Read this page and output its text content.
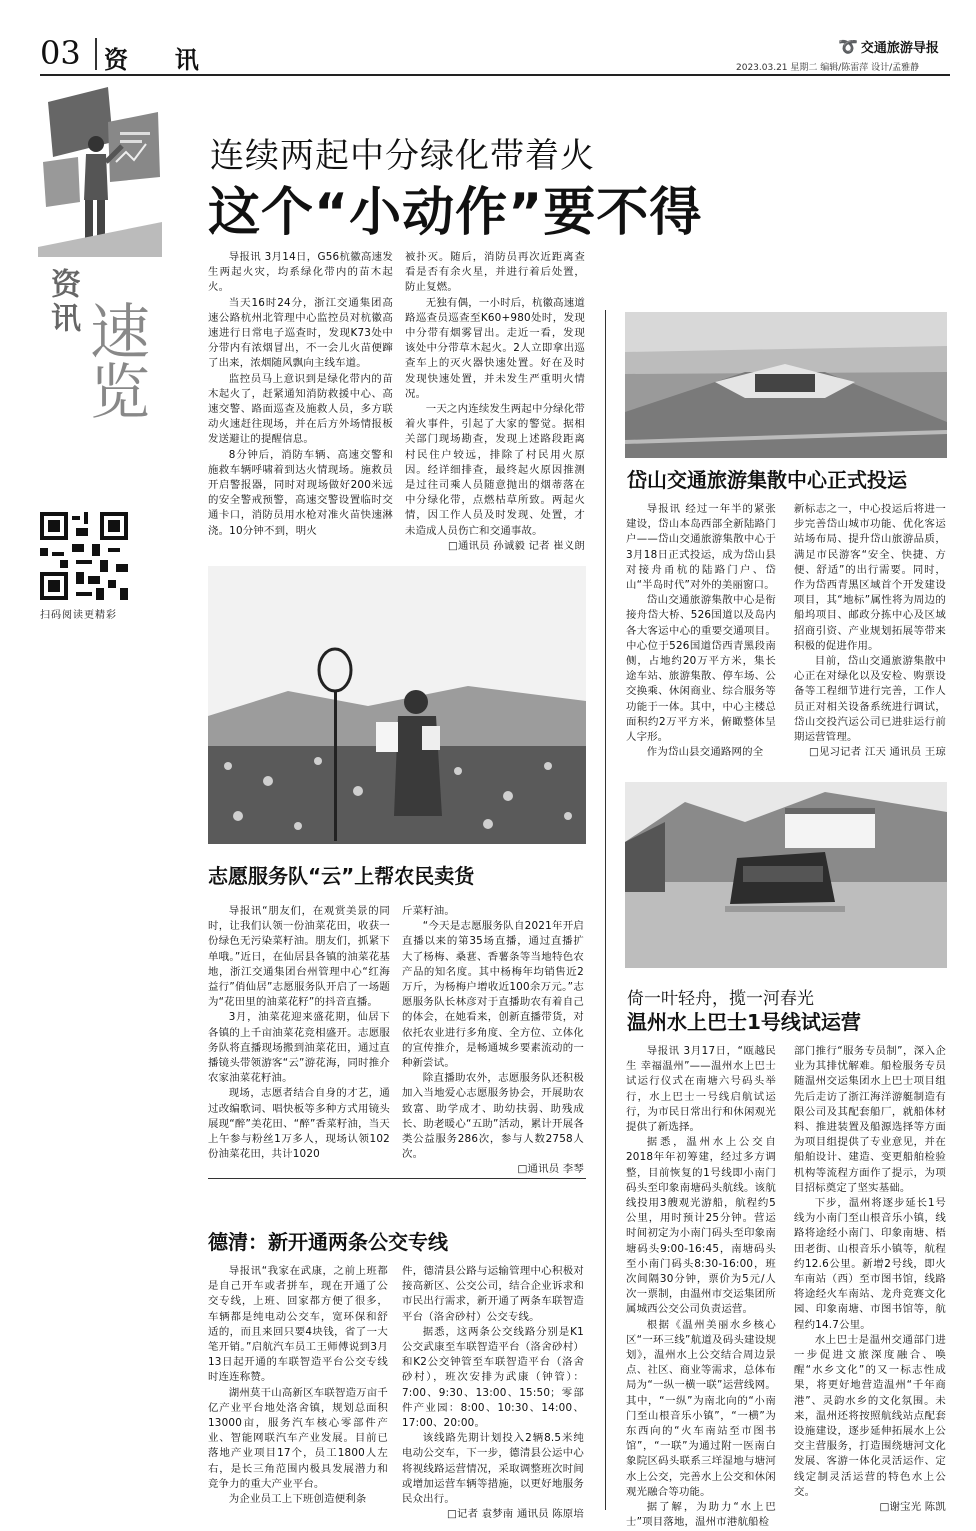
03 资  讯	➰ 交通旅游导报
2023.03.21 星期二 编辑/陈雷萍 设计/孟雅静
资讯 速览
扫码阅读更精彩
连续两起中分绿化带着火
这个“小动作”要不得

导报讯 3月14日，G56杭徽高速发生两起火灾，均系绿化带内的苗木起火。

当天16时24分，浙江交通集团高速公路杭州北管理中心监控员对杭徽高速进行日常电子巡查时，发现K73处中分带内有浓烟冒出，不一会儿火苗便蹿了出来，浓烟随风飘向主线车道。

监控员马上意识到是绿化带内的苗木起火了，赶紧通知消防救援中心、高速交警、路面巡查及施救人员，多方联动火速赶往现场，并在后方外场情报板发送避让的提醒信息。

8分钟后，消防车辆、高速交警和施救车辆呼啸着到达火情现场。施救员开启警报器，同时对现场做好200米远的安全警戒预警，高速交警设置临时交通卡口，消防员用水枪对准火苗快速淋浇。10分钟不到，明火

被扑灭。随后，消防员再次近距离查看是否有余火星，并进行着后处置，防止复燃。

无独有偶，一小时后，杭徽高速道路巡查员巡查至K60+980处时，发现中分带有烟雾冒出。走近一看，发现该处中分带草木起火。2人立即拿出巡查车上的灭火器快速处置。好在及时发现快速处置，并未发生严重明火情况。

一天之内连续发生两起中分绿化带着火事件，引起了大家的警觉。据相关部门现场勘查，发现上述路段距离村民住户较远，排除了村民用火原因。经详细排查，最终起火原因推测是过往司乘人员随意抛出的烟蒂落在中分绿化带，点燃枯草所致。两起火情，因工作人员及时发现、处置，才未造成人员伤亡和交通事故。

□通讯员 孙诚毅 记者 崔义朗
岱山交通旅游集散中心正式投运

导报讯 经过一年半的紧张建设，岱山本岛西部全新陆路门户——岱山交通旅游集散中心于3月18日正式投运，成为岱山县对接舟甬杭的陆路门户、岱山“半岛时代”对外的美丽窗口。

岱山交通旅游集散中心是衔接舟岱大桥、526国道以及岛内各大客运中心的重要交通项目。中心位于526国道岱西青黑段南侧，占地约20万平方米，集长途车站、旅游集散、停车场、公交换乘、休闲商业、综合服务等功能于一体。其中，中心主楼总面积约2万平方米，俯瞰整体呈人字形。

作为岱山县交通路网的全

新标志之一，中心投运后将进一步完善岱山城市功能、优化客运站场布局、提升岱山旅游品质，满足市民游客“安全、快捷、方便、舒适”的出行需要。同时，作为岱西青黑区域首个开发建设项目，其“地标”属性将为周边的船坞项目、邮政分拣中心及区域招商引资、产业规划拓展等带来积极的促进作用。

目前，岱山交通旅游集散中心正在对绿化以及安检、购票设备等工程细节进行完善，工作人员正对相关设备系统进行调试，岱山交投汽运公司已进驻运行前期运营管理。

□见习记者 江天 通讯员 王琼
志愿服务队“云”上帮农民卖货

导报讯“朋友们，在观赏美景的同时，让我们认领一份油菜花田，收获一份绿色无污染菜籽油。朋友们，抓紧下单哦。”近日，在仙居县各镇的油菜花基地，浙江交通集团台州管理中心“红海益行”俏仙居”志愿服务队开启了一场题为“花田里的油菜花籽”的抖音直播。

3月，油菜花迎来盛花期，仙居下各镇的上千亩油菜花竞相盛开。志愿服务队将直播现场搬到油菜花田，通过直播镜头带领游客“云”游花海，同时推介农家油菜花籽油。

现场，志愿者结合自身的才艺，通过改编歌词、唱快板等多种方式用镜头展现“醉”美花田、“醉”香菜籽油，当天上午参与粉丝1万多人，现场认领102份油菜花田，共计1020

斤菜籽油。

“今天是志愿服务队自2021年开启直播以来的第35场直播，通过直播扩大了杨梅、桑葚、香薯条等当地特色农产品的知名度。其中杨梅年均销售近2万斤，为杨梅户增收近100余万元。”志愿服务队长林彦对于直播助农有着自己的体会，在她看来，创新直播带货，对依托农业进行多角度、全方位、立体化的宣传推介，是畅通城乡要素流动的一种新尝试。

除直播助农外，志愿服务队还积极加入当地爱心志愿服务协会，开展助农致富、助学成才、助幼扶弱、助残成长、助老暖心“五助”活动，累计开展各类公益服务286次，参与人数2758人次。

□通讯员 李琴
倚一叶轻舟，揽一河春光
温州水上巴士1号线试运营

导报讯 3月17日，“瓯越民生 幸福温州”——温州水上巴士试运行仪式在南塘六号码头举行，水上巴士一号线启航试运行，为市民日常出行和休闲观光提供了新选择。

据悉，温州水上公交自2018年年初筹建，经过多方调整，目前恢复的1号线即小南门码头至印象南塘码头航线。该航线投用3艘观光游船，航程约5公里，用时预计25分钟。营运时间初定为小南门码头至印象南塘码头9:00-16:45，南塘码头至小南门码头8:30-16:00，班次间隔30分钟，票价为5元/人次一票制，由温州市交运集团所属城西公交公司负责运营。

根据《温州美丽水乡核心区“一环三线”航道及码头建设规划》，温州水上公交结合周边景点、社区、商业等需求，总体布局为“一纵一横一联”运营线网。其中，“一纵”为南北向的“小南门至山根音乐小镇”，“一横”为东西向的“火车南站至市图书馆”，“一联”为通过附一医南白象院区码头联系三垟湿地与塘河水上公交，完善水上公交和休闲观光融合等功能。

据了解，为助力“水上巴士”项目落地，温州市港航船检

部门推行“服务专员制”，深入企业为其排忧解难。船检服务专员随温州交运集团水上巴士项目组先后走访了浙江海洋游艇制造有限公司及其配套船厂，就船体材料、推进装置及船源选择等方面为项目组提供了专业意见，并在船舶设计、建造、变更船舶检验机构等流程方面作了提示，为项目招标奠定了坚实基础。

下步，温州将逐步延长1号线为小南门至山根音乐小镇，线路将途经小南门、印象南塘、梧田老街、山根音乐小镇等，航程约12.6公里。新增2号线，即火车南站（西）至市图书馆，线路将途经火车南站、龙舟竞赛文化园、印象南塘、市图书馆等，航程约14.7公里。

水上巴士是温州交通部门进一步促进文旅深度融合、唤醒“水乡文化”的又一标志性成果，将更好地营造温州“千年商港”、灵韵水乡的文化氛围。未来，温州还将按照航线站点配套设施建设，逐步延伸拓展水上公交主营服务，打造围绕塘河文化发展、客游一体化灵活运作、定线定制灵活运营的特色水上公交。

□谢宝光 陈凯
德清：新开通两条公交专线

导报讯“我家在武康，之前上班都是自己开车或者拼车，现在开通了公交专线，上班、回家都方便了很多，车辆都是纯电动公交车，宽环保和舒适的，而且来回只要4块钱，省了一大笔开销。”启航汽车员工王师傅说到3月13日起开通的车联智造平台公交专线时连连称赞。

湖州莫干山高新区车联智造万亩千亿产业平台地处洛舍镇，规划总面积13000亩，服务汽车核心零部件产业、智能网联汽车产业发展。目前已落地产业项目17个，员工1800人左右，是长三角范围内极具发展潜力和竞争力的重大产业平台。

为企业员工上下班创造便利条

件，德清县公路与运输管理中心积极对接高新区、公交公司，结合企业诉求和市民出行需求，新开通了两条车联智造平台（洛舍砂村）公交专线。

据悉，这两条公交线路分别是K1公交武康至车联智造平台（洛舍砂村）和K2公交钟管至车联智造平台（洛舍砂村），班次安排为武康（钟管）：7:00、9:30、13:00、15:50；零部件产业园：8:00、10:30、14:00、17:00、20:00。

该线路先期计划投入2辆8.5米纯电动公交车，下一步，德清县公运中心将视线路运营情况，采取调整班次时间或增加运营车辆等措施，以更好地服务民众出行。

□记者 袁梦南 通讯员 陈原培
